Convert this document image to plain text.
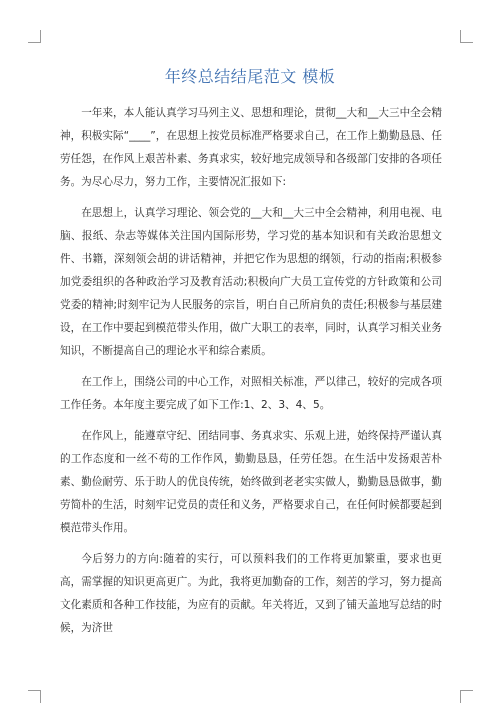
年终总结结尾范文 模板

一年来，本人能认真学习马列主义、思想和理论，贯彻__大和__大三中全会精神，积极实际“____”，在思想上按党员标准严格要求自己，在工作上勤勤恳恳、任劳任怨，在作风上艰苦朴素、务真求实，较好地完成领导和各级部门安排的各项任务。为尽心尽力，努力工作，主要情况汇报如下:

在思想上，认真学习理论、领会党的__大和__大三中全会精神，利用电视、电脑、报纸、杂志等媒体关注国内国际形势，学习党的基本知识和有关政治思想文件、书籍，深刻领会胡的讲话精神，并把它作为思想的纲领，行动的指南;积极参加党委组织的各种政治学习及教育活动;积极向广大员工宣传党的方针政策和公司党委的精神;时刻牢记为人民服务的宗旨，明白自己所肩负的责任;积极参与基层建设，在工作中要起到模范带头作用，做广大职工的表率，同时，认真学习相关业务知识，不断提高自己的理论水平和综合素质。

在工作上，围绕公司的中心工作，对照相关标准，严以律己，较好的完成各项工作任务。本年度主要完成了如下工作:1、2、3、4、5。

在作风上，能遵章守纪、团结同事、务真求实、乐观上进，始终保持严谨认真的工作态度和一丝不苟的工作作风，勤勤恳恳，任劳任怨。在生活中发扬艰苦朴素、勤俭耐劳、乐于助人的优良传统，始终做到老老实实做人，勤勤恳恳做事，勤劳简朴的生活，时刻牢记党员的责任和义务，严格要求自己，在任何时候都要起到模范带头作用。

今后努力的方向:随着的实行，可以预料我们的工作将更加繁重，要求也更高，需掌握的知识更高更广。为此，我将更加勤奋的工作，刻苦的学习，努力提高文化素质和各种工作技能，为应有的贡献。年关将近，又到了铺天盖地写总结的时候，为济世
